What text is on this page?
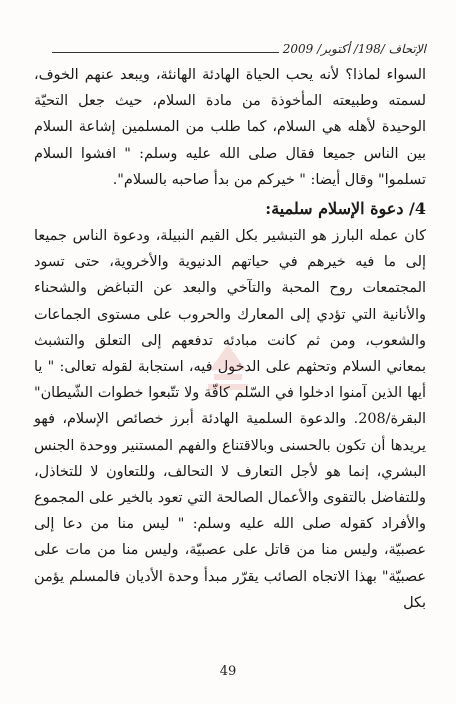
الإتحاف /198/ أكتوبر/ 2009

السواء لماذا؟ لأنه يحب الحياة الهادئة الهانئة، ويبعد عنهم الخوف، لسمته وطبيعته المأخوذة من مادة السلام، حيث جعل التحيّة الوحيدة لأهله هي السلام، كما طلب من المسلمين إشاعة السلام بين الناس جميعا فقال صلى الله عليه وسلم: " افشوا السلام تسلموا" وقال أيضا: " خيركم من بدأ صاحبه بالسلام".

4/ دعوة الإسلام سلمية:

كان عمله البارز هو التبشير بكل القيم النبيلة، ودعوة الناس جميعا إلى ما فيه خيرهم في حياتهم الدنيوية والأخروية، حتى تسود المجتمعات روح المحبة والتآخي والبعد عن التباغض والشحناء والأنانية التي تؤدي إلى المعارك والحروب على مستوى الجماعات والشعوب، ومن ثم كانت مبادئه تدفعهم إلى التعلق والتشبث بمعاني السلام وتحثهم على الدخول فيه، استجابة لقوله تعالى: " يا أيها الذين آمنوا ادخلوا في السّلم كافّة ولا تتّبعوا خطوات الشّيطان" البقرة/208. والدعوة السلمية الهادئة أبرز خصائص الإسلام، فهو يريدها أن تكون بالحسنى وبالاقتناع والفهم المستنير ووحدة الجنس البشري، إنما هو لأجل التعارف لا التحالف، وللتعاون لا للتخاذل، وللتفاضل بالتقوى والأعمال الصالحة التي تعود بالخير على المجموع والأفراد كقوله صلى الله عليه وسلم: " ليس منا من دعا إلى عصبيّة، وليس منا من قاتل على عصبيّة، وليس منا من مات على عصبيّة" بهذا الاتجاه الصائب يقرّر مبدأ وحدة الأديان فالمسلم يؤمن بكل

49
